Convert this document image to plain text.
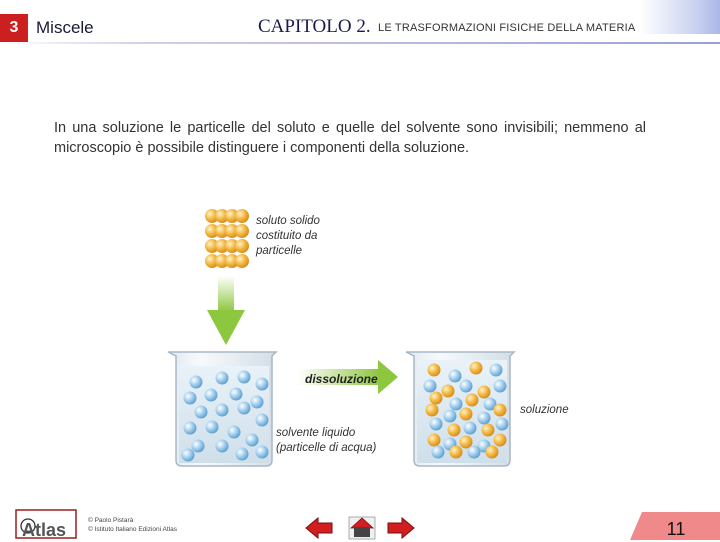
3	Miscele	CAPITOLO 2. LE TRASFORMAZIONI FISICHE DELLA MATERIA
In una soluzione le particelle del soluto e quelle del solvente sono invisibili; nemmeno al microscopio è possibile distinguere i componenti della soluzione.
Atlas
soluto solido costituito da particelle
dissoluzione
soluzione
solvente liquido (particelle di acqua)
© Paolo Pistarà
© Istituto Italiano Edizioni Atlas	11
